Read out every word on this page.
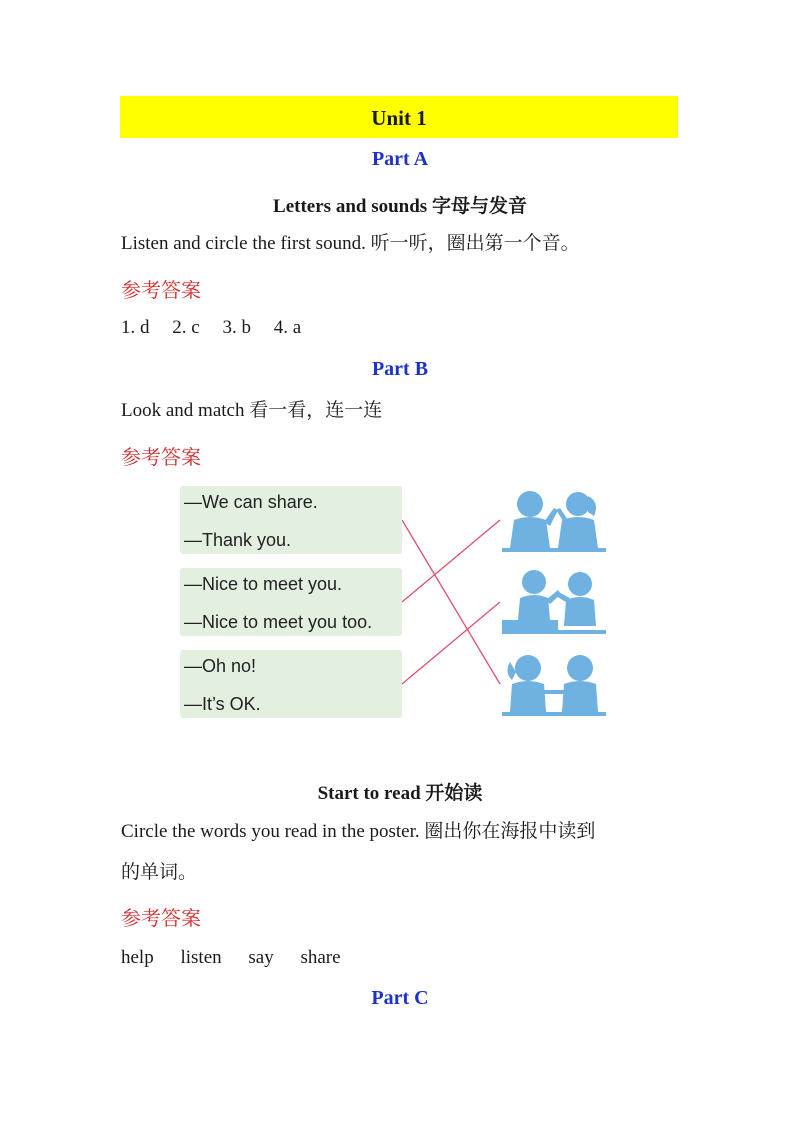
Unit 1
Part A
Letters and sounds 字母与发音
Listen and circle the first sound. 听一听，圈出第一个音。
参考答案
1. d 2. c 3. b 4. a
Part B
Look and match 看一看，连一连
参考答案
—We can share.
—Thank you.
—Nice to meet you.
—Nice to meet you too.
—Oh no!
—It’s OK.
Start to read 开始读
Circle the words you read in the poster. 圈出你在海报中读到
的单词。
参考答案
help listen say share
Part C
